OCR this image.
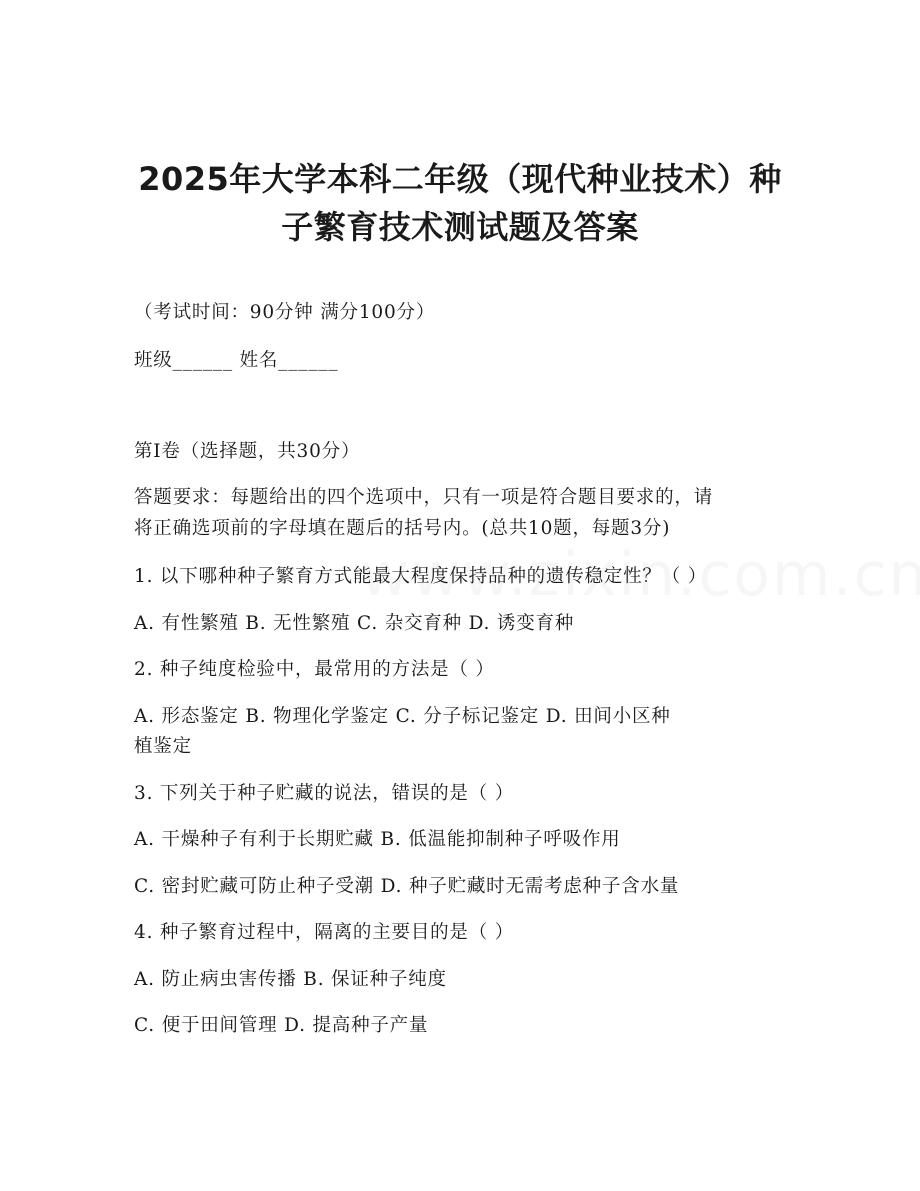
2025年大学本科二年级（现代种业技术）种
子繁育技术测试题及答案
（考试时间：90分钟 满分100分）
班级______ 姓名______
第I卷（选择题，共30分）
答题要求：每题给出的四个选项中，只有一项是符合题目要求的，请
将正确选项前的字母填在题后的括号内。(总共10题，每题3分)
1. 以下哪种种子繁育方式能最大程度保持品种的遗传稳定性？（ ）
A. 有性繁殖 B. 无性繁殖 C. 杂交育种 D. 诱变育种
2. 种子纯度检验中，最常用的方法是（ ）
A. 形态鉴定 B. 物理化学鉴定 C. 分子标记鉴定 D. 田间小区种
植鉴定
3. 下列关于种子贮藏的说法，错误的是（ ）
A. 干燥种子有利于长期贮藏 B. 低温能抑制种子呼吸作用
C. 密封贮藏可防止种子受潮 D. 种子贮藏时无需考虑种子含水量
4. 种子繁育过程中，隔离的主要目的是（ ）
A. 防止病虫害传播 B. 保证种子纯度
C. 便于田间管理 D. 提高种子产量
